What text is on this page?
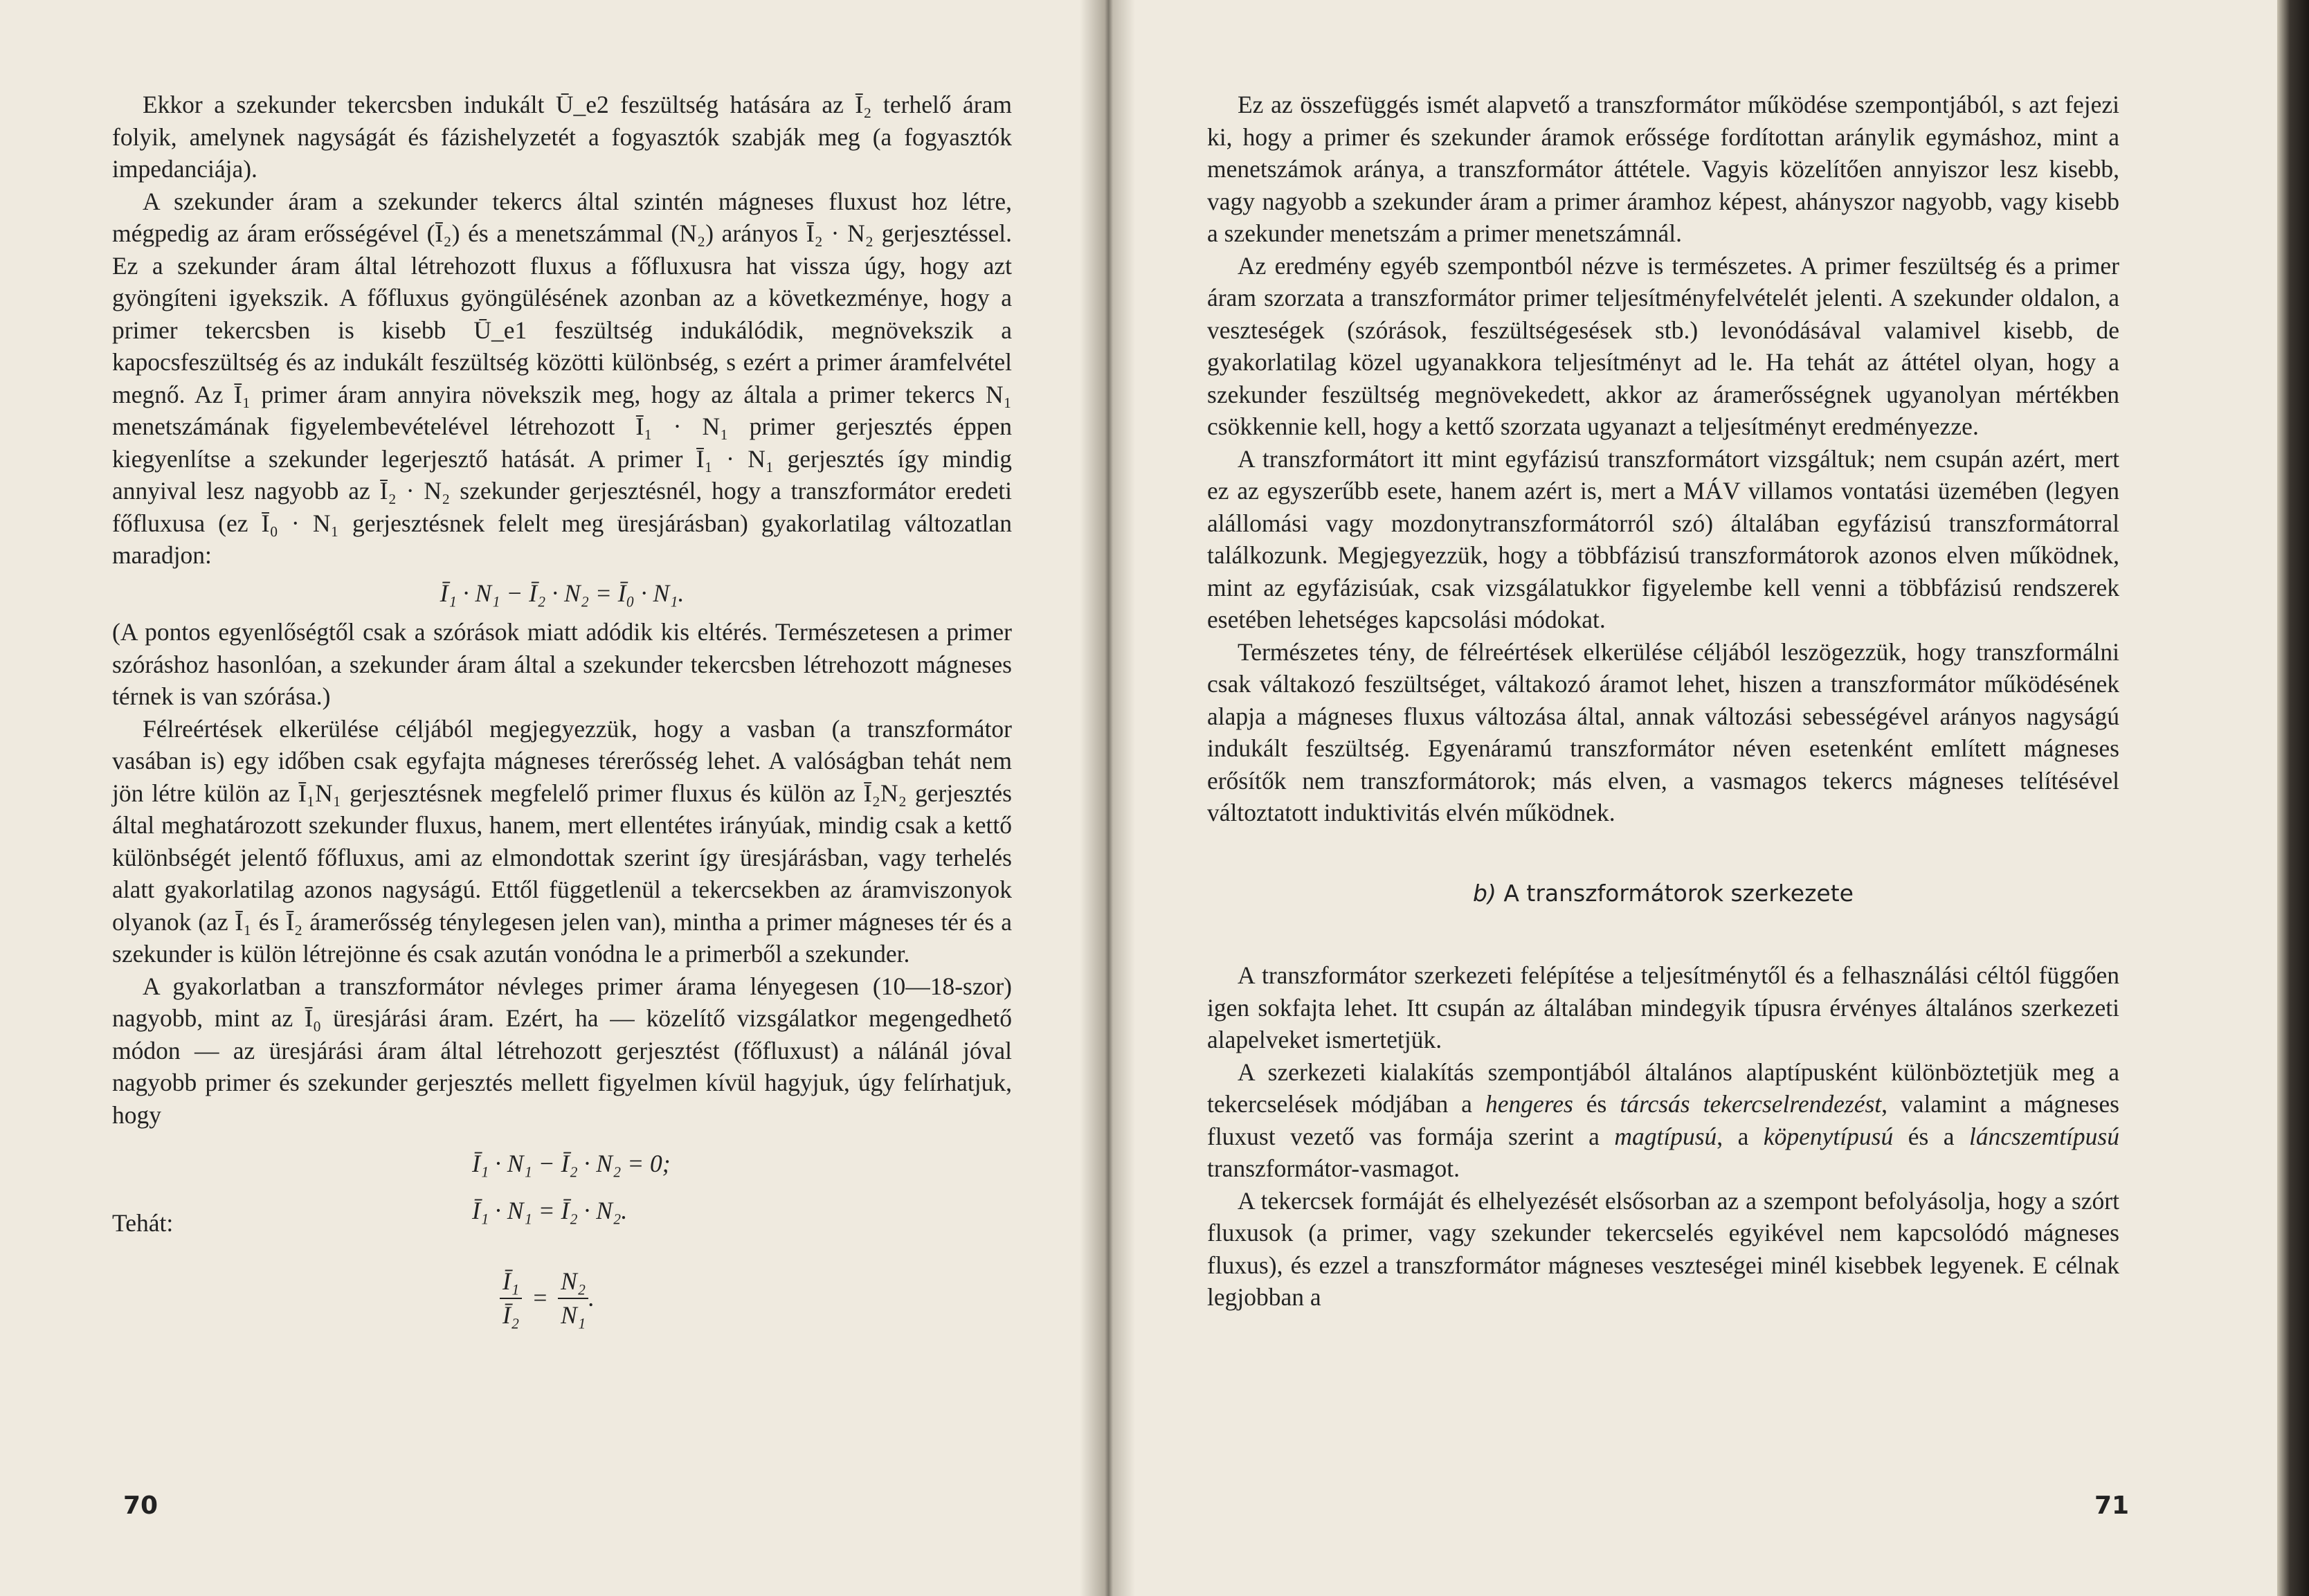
Ekkor a szekunder tekercsben indukált Ū_e2 feszültség hatására az Ī₂ terhelő áram folyik, amelynek nagyságát és fázishelyzetét a fogyasztók szabják meg (a fogyasztók impedanciája).

A szekunder áram a szekunder tekercs által szintén mágneses fluxust hoz létre, mégpedig az áram erősségével (Ī₂) és a menetszámmal (N₂) arányos Ī₂ · N₂ gerjesztéssel. Ez a szekunder áram által létrehozott fluxus a főfluxusra hat vissza úgy, hogy azt gyöngíteni igyekszik. A főfluxus gyöngülésének azonban az a következménye, hogy a primer tekercsben is kisebb Ū_e1 feszültség indukálódik, megnövekszik a kapocsfeszültség és az indukált feszültség közötti különbség, s ezért a primer áramfelvétel megnő. Az Ī₁ primer áram annyira növekszik meg, hogy az általa a primer tekercs N₁ menetszámának figyelembevételével létrehozott Ī₁ · N₁ primer gerjesztés éppen kiegyenlítse a szekunder legerjesztő hatását. A primer Ī₁ · N₁ gerjesztés így mindig annyival lesz nagyobb az Ī₂ · N₂ szekunder gerjesztésnél, hogy a transzformátor eredeti főfluxusa (ez Ī₀ · N₁ gerjesztésnek felelt meg üresjárásban) gyakorlatilag változatlan maradjon:

Ī₁ · N₁ − Ī₂ · N₂ = Ī₀ · N₁.

(A pontos egyenlőségtől csak a szórások miatt adódik kis eltérés. Természetesen a primer szóráshoz hasonlóan, a szekunder áram által a szekunder tekercsben létrehozott mágneses térnek is van szórása.)

Félreértések elkerülése céljából megjegyezzük, hogy a vasban (a transzformátor vasában is) egy időben csak egyfajta mágneses térerősség lehet. A valóságban tehát nem jön létre külön az Ī₁N₁ gerjesztésnek megfelelő primer fluxus és külön az Ī₂N₂ gerjesztés által meghatározott szekunder fluxus, hanem, mert ellentétes irányúak, mindig csak a kettő különbségét jelentő főfluxus, ami az elmondottak szerint így üresjárásban, vagy terhelés alatt gyakorlatilag azonos nagyságú. Ettől függetlenül a tekercsekben az áramviszonyok olyanok (az Ī₁ és Ī₂ áramerősség ténylegesen jelen van), mintha a primer mágneses tér és a szekunder is külön létrejönne és csak azután vonódna le a primerből a szekunder.

A gyakorlatban a transzformátor névleges primer árama lényegesen (10—18-szor) nagyobb, mint az Ī₀ üresjárási áram. Ezért, ha — közelítő vizsgálatkor megengedhető módon — az üresjárási áram által létrehozott gerjesztést (főfluxust) a nálánál jóval nagyobb primer és szekunder gerjesztés mellett figyelmen kívül hagyjuk, úgy felírhatjuk, hogy

Ī₁ · N₁ − Ī₂ · N₂ = 0;
Ī₁ · N₁ = Ī₂ · N₂.
Tehát:
$\frac{\text{Ī₁}}{\text{Ī₂}} = \frac{\text{N₂}}{\text{N₁}}$ .
70

Ez az összefüggés ismét alapvető a transzformátor működése szempontjából, s azt fejezi ki, hogy a primer és szekunder áramok erőssége fordítottan aránylik egymáshoz, mint a menetszámok aránya, a transzformátor áttétele. Vagyis közelítően annyiszor lesz kisebb, vagy nagyobb a szekunder áram a primer áramhoz képest, ahányszor nagyobb, vagy kisebb a szekunder menetszám a primer menetszámnál.

Az eredmény egyéb szempontból nézve is természetes. A primer feszültség és a primer áram szorzata a transzformátor primer teljesítményfelvételét jelenti. A szekunder oldalon, a veszteségek (szórások, feszültségesések stb.) levonódásával valamivel kisebb, de gyakorlatilag közel ugyanakkora teljesítményt ad le. Ha tehát az áttétel olyan, hogy a szekunder feszültség megnövekedett, akkor az áramerősségnek ugyanolyan mértékben csökkennie kell, hogy a kettő szorzata ugyanazt a teljesítményt eredményezze.

A transzformátort itt mint egyfázisú transzformátort vizsgáltuk; nem csupán azért, mert ez az egyszerűbb esete, hanem azért is, mert a MÁV villamos vontatási üzemében (legyen alállomási vagy mozdonytranszformátorról szó) általában egyfázisú transzformátorral találkozunk. Megjegyezzük, hogy a többfázisú transzformátorok azonos elven működnek, mint az egyfázisúak, csak vizsgálatukkor figyelembe kell venni a többfázisú rendszerek esetében lehetséges kapcsolási módokat.

Természetes tény, de félreértések elkerülése céljából leszögezzük, hogy transzformálni csak váltakozó feszültséget, váltakozó áramot lehet, hiszen a transzformátor működésének alapja a mágneses fluxus változása által, annak változási sebességével arányos nagyságú indukált feszültség. Egyenáramú transzformátor néven esetenként említett mágneses erősítők nem transzformátorok; más elven, a vasmagos tekercs mágneses telítésével változtatott induktivitás elvén működnek.

b) A transzformátorok szerkezete

A transzformátor szerkezeti felépítése a teljesítménytől és a felhasználási céltól függően igen sokfajta lehet. Itt csupán az általában mindegyik típusra érvényes általános szerkezeti alapelveket ismertetjük.

A szerkezeti kialakítás szempontjából általános alaptípusként különböztetjük meg a tekercselések módjában a hengeres és tárcsás tekercselrendezést, valamint a mágneses fluxust vezető vas formája szerint a magtípusú, a köpenytípusú és a láncszemtípusú transzformátor-vasmagot.

A tekercsek formáját és elhelyezését elsősorban az a szempont befolyásolja, hogy a szórt fluxusok (a primer, vagy szekunder tekercselés egyikével nem kapcsolódó mágneses fluxus), és ezzel a transzformátor mágneses veszteségei minél kisebbek legyenek. E célnak legjobban a

71
